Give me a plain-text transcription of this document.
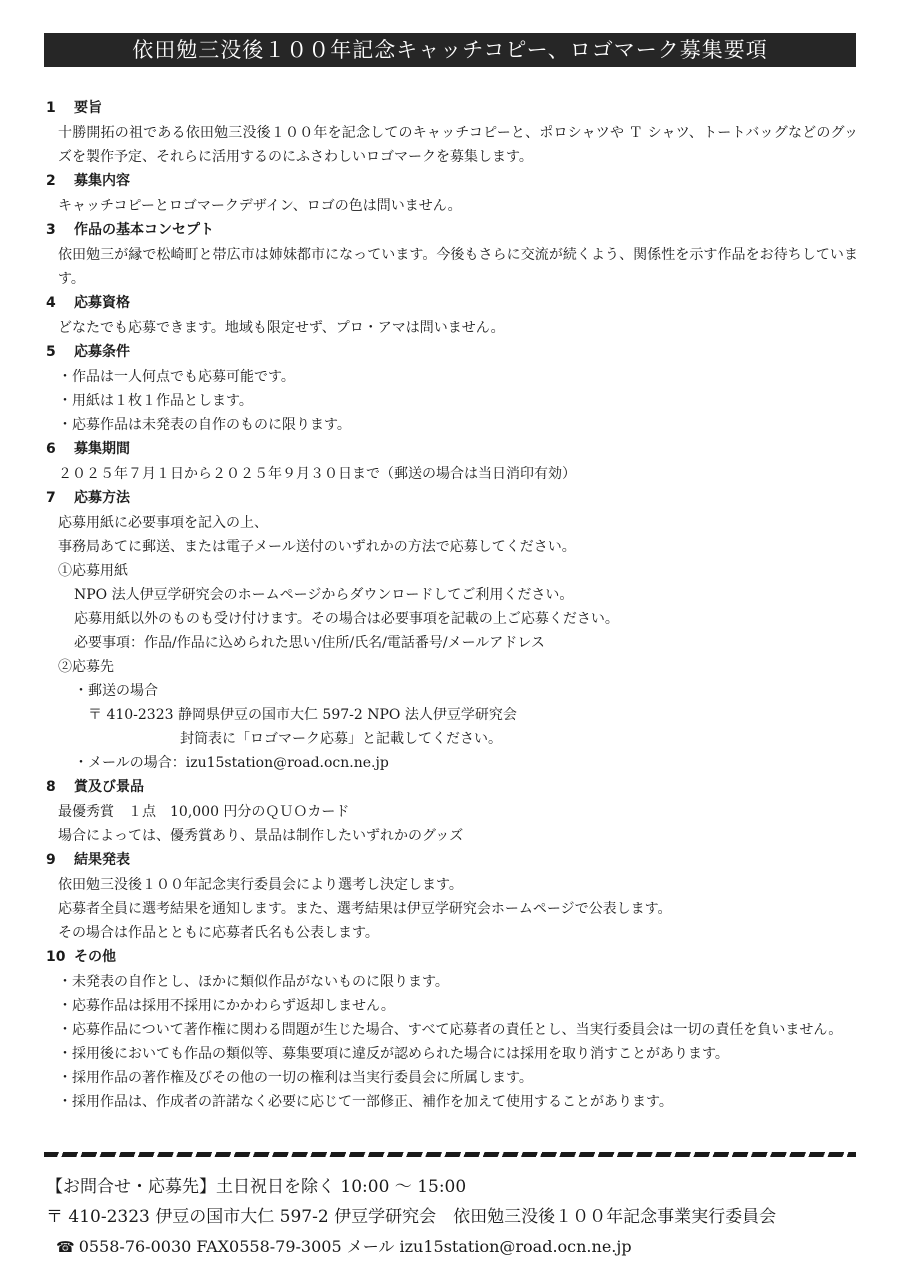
依田勉三没後１００年記念キャッチコピー、ロゴマーク募集要項
1 要旨
十勝開拓の祖である依田勉三没後１００年を記念してのキャッチコピーと、ポロシャツや Ｔ シャツ、トートバッグなどのグッズを製作予定、それらに活用するのにふさわしいロゴマークを募集します。
2 募集内容
キャッチコピーとロゴマークデザイン、ロゴの色は問いません。
3 作品の基本コンセプト
依田勉三が縁で松崎町と帯広市は姉妹都市になっています。今後もさらに交流が続くよう、関係性を示す作品をお待ちしています。
4 応募資格
どなたでも応募できます。地域も限定せず、プロ・アマは問いません。
5 応募条件
・作品は一人何点でも応募可能です。
・用紙は１枚１作品とします。
・応募作品は未発表の自作のものに限ります。
6 募集期間
２０２５年７月１日から２０２５年９月３０日まで（郵送の場合は当日消印有効）
7 応募方法
応募用紙に必要事項を記入の上、
事務局あてに郵送、または電子メール送付のいずれかの方法で応募してください。
①応募用紙
NPO 法人伊豆学研究会のホームページからダウンロードしてご利用ください。
応募用紙以外のものも受け付けます。その場合は必要事項を記載の上ご応募ください。
必要事項：作品/作品に込められた思い/住所/氏名/電話番号/メールアドレス
②応募先
・郵送の場合
〒 410-2323 静岡県伊豆の国市大仁 597-2 NPO 法人伊豆学研究会
封筒表に「ロゴマーク応募」と記載してください。
・メールの場合：izu15station@road.ocn.ne.jp
8 賞及び景品
最優秀賞　１点　10,000 円分のＱＵＯカード
場合によっては、優秀賞あり、景品は制作したいずれかのグッズ
9 結果発表
依田勉三没後１００年記念実行委員会により選考し決定します。
応募者全員に選考結果を通知します。また、選考結果は伊豆学研究会ホームページで公表します。
その場合は作品とともに応募者氏名も公表します。
10 その他
・未発表の自作とし、ほかに類似作品がないものに限ります。
・応募作品は採用不採用にかかわらず返却しません。
・応募作品について著作権に関わる問題が生じた場合、すべて応募者の責任とし、当実行委員会は一切の責任を負いません。
・採用後においても作品の類似等、募集要項に違反が認められた場合には採用を取り消すことがあります。
・採用作品の著作権及びその他の一切の権利は当実行委員会に所属します。
・採用作品は、作成者の許諾なく必要に応じて一部修正、補作を加えて使用することがあります。
【お問合せ・応募先】土日祝日を除く 10:00 〜 15:00
〒 410-2323 伊豆の国市大仁 597-2 伊豆学研究会　依田勉三没後１００年記念事業実行委員会
☎ 0558-76-0030 FAX0558-79-3005 メール izu15station@road.ocn.ne.jp
